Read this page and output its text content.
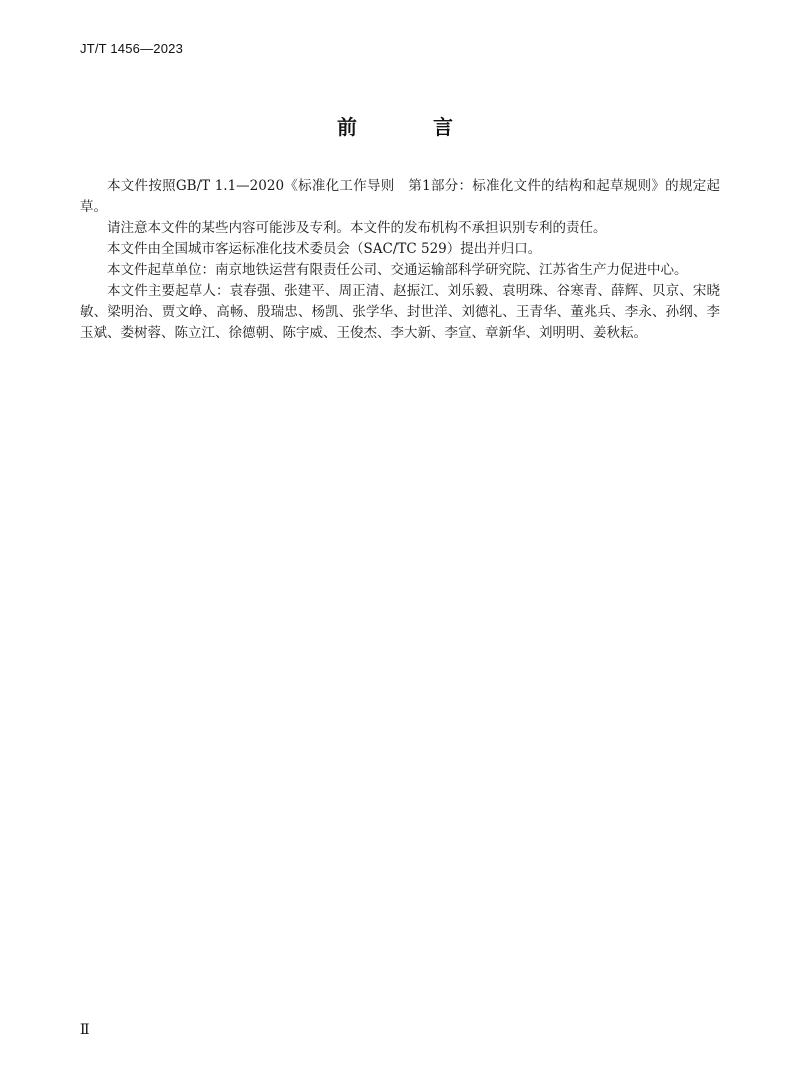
JT/T 1456—2023
前　言

本文件按照GB/T 1.1—2020《标准化工作导则　第1部分：标准化文件的结构和起草规则》的规定起草。

请注意本文件的某些内容可能涉及专利。本文件的发布机构不承担识别专利的责任。

本文件由全国城市客运标准化技术委员会（SAC/TC 529）提出并归口。

本文件起草单位：南京地铁运营有限责任公司、交通运输部科学研究院、江苏省生产力促进中心。

本文件主要起草人：袁春强、张建平、周正清、赵振江、刘乐毅、袁明珠、谷寒青、薛辉、贝京、宋晓敏、梁明治、贾文峥、高畅、殷瑞忠、杨凯、张学华、封世洋、刘德礼、王青华、董兆兵、李永、孙纲、李玉斌、娄树蓉、陈立江、徐德朝、陈宇威、王俊杰、李大新、李宣、章新华、刘明明、姜秋耘。

Ⅱ
